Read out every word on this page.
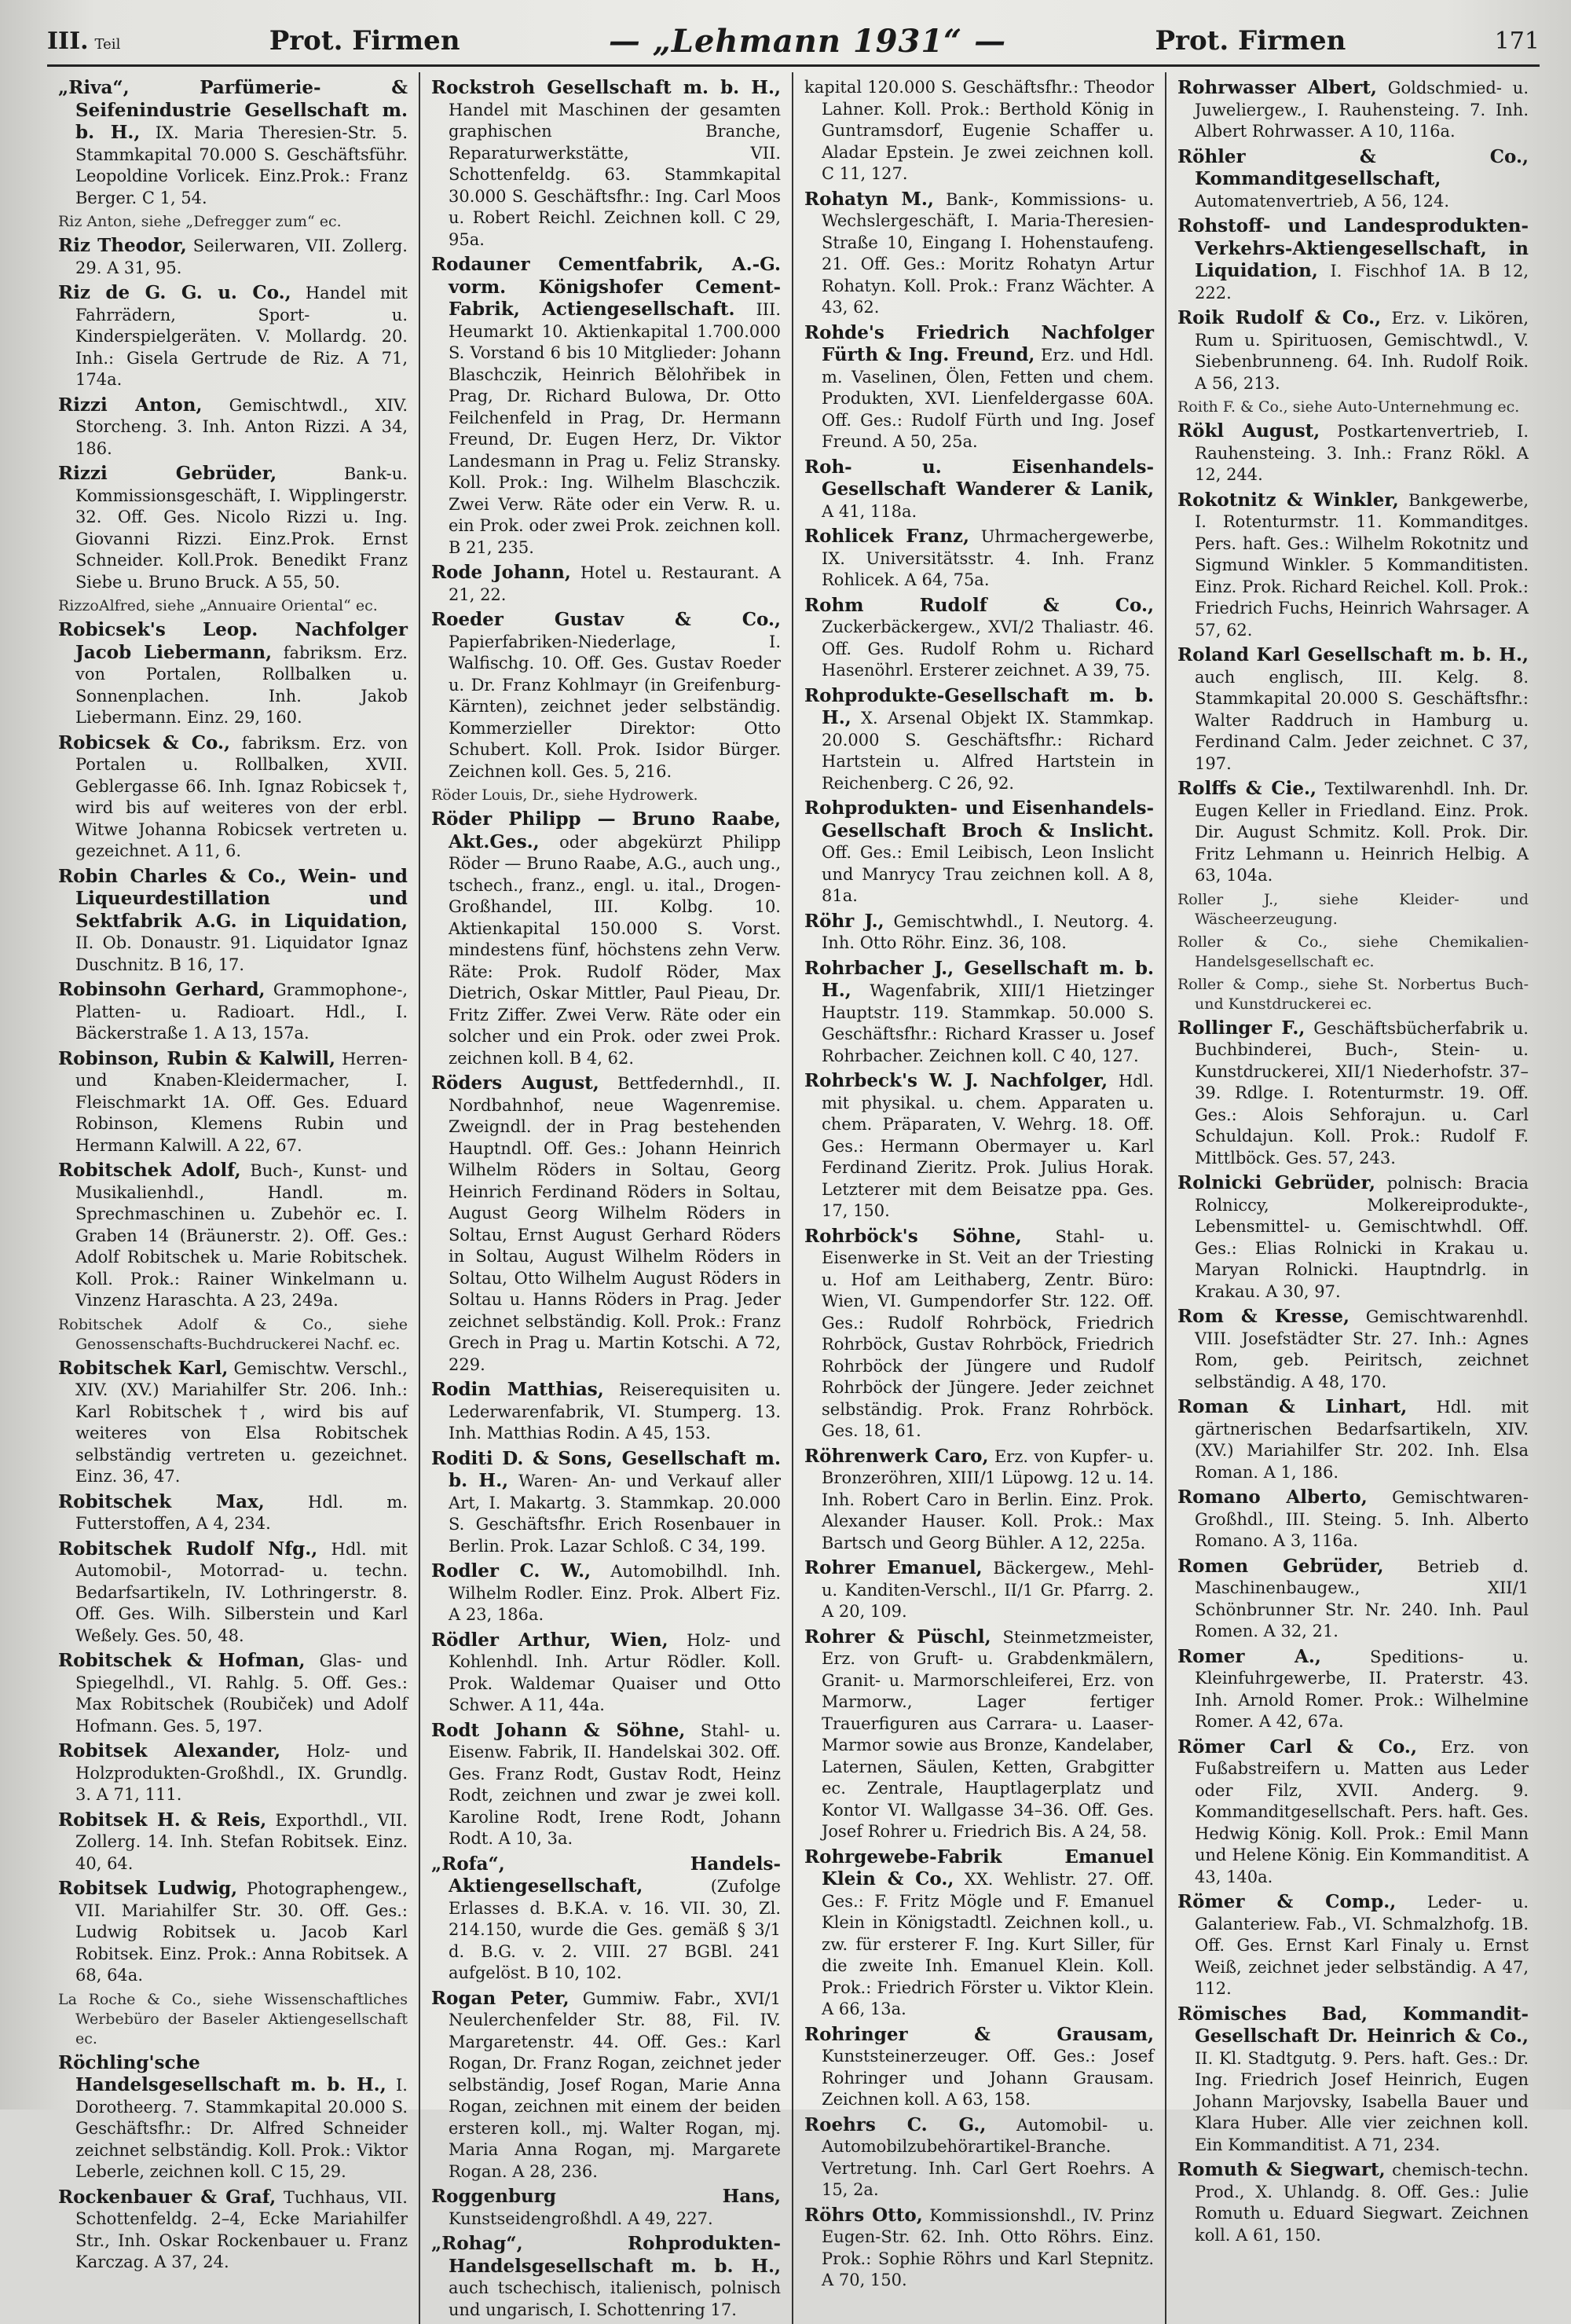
III. Teil	Prot. Firmen	— „Lehmann 1931“ —	Prot. Firmen	171

„Riva“, Parfümerie- & Seifenindustrie Gesellschaft m. b. H., IX. Maria Theresien-Str. 5. Stammkapital 70.000 S. Geschäftsführ. Leopoldine Vorlicek. Einz.Prok.: Franz Berger. C 1, 54.

Riz Anton, siehe „Defregger zum“ ec.

Riz Theodor, Seilerwaren, VII. Zollerg. 29. A 31, 95.

Riz de G. G. u. Co., Handel mit Fahrrädern, Sport- u. Kinderspielgeräten. V. Mollardg. 20. Inh.: Gisela Gertrude de Riz. A 71, 174a.

Rizzi Anton, Gemischtwdl., XIV. Storcheng. 3. Inh. Anton Rizzi. A 34, 186.

Rizzi Gebrüder,	Bank-u. Kommissionsgeschäft, I. Wipplingerstr. 32. Off. Ges. Nicolo Rizzi u. Ing. Giovanni Rizzi. Einz.Prok. Ernst Schneider. Koll.Prok. Benedikt Franz Siebe u. Bruno Bruck. A 55, 50.

RizzoAlfred, siehe „Annuaire Oriental“ ec.

Robicsek's Leop. Nachfolger Jacob Liebermann, fabriksm. Erz. von Portalen, Rollbalken u. Sonnenplachen. Inh. Jakob Liebermann. Einz. 29, 160.

Robicsek & Co., fabriksm. Erz. von Portalen u. Rollbalken, XVII. Geblergasse 66. Inh. Ignaz Robicsek †, wird bis auf weiteres von der erbl. Witwe Johanna Robicsek vertreten u. gezeichnet. A 11, 6.

Robin Charles & Co., Wein- und Liqueurdestillation und Sektfabrik A.G. in Liquidation, II. Ob. Donaustr. 91. Liquidator Ignaz Duschnitz. B 16, 17.

Robinsohn Gerhard, Grammophone-, Platten- u. Radioart. Hdl., I. Bäckerstraße 1. A 13, 157a.

Robinson, Rubin & Kalwill, Herren- und Knaben-Kleidermacher, I. Fleischmarkt 1A. Off. Ges. Eduard Robinson, Klemens Rubin und Hermann Kalwill. A 22, 67.

Robitschek Adolf, Buch-, Kunst- und Musikalienhdl., Handl. m. Sprechmaschinen u. Zubehör ec. I. Graben 14 (Bräunerstr. 2). Off. Ges.: Adolf Robitschek u. Marie Robitschek. Koll. Prok.: Rainer Winkelmann u. Vinzenz Haraschta. A 23, 249a.

Robitschek Adolf & Co., siehe Genossenschafts-Buchdruckerei Nachf. ec.

Robitschek Karl, Gemischtw. Verschl., XIV. (XV.) Mariahilfer Str. 206. Inh.: Karl Robitschek †, wird bis auf weiteres von Elsa Robitschek selbständig vertreten u. gezeichnet. Einz. 36, 47.

Robitschek Max,	Hdl. m. Futterstoffen, A 4, 234.

Robitschek Rudolf Nfg., Hdl. mit Automobil-, Motorrad- u. techn. Bedarfsartikeln, IV. Lothringerstr. 8. Off. Ges. Wilh. Silberstein und Karl Weßely. Ges. 50, 48.

Robitschek & Hofman, Glas- und Spiegelhdl., VI. Rahlg. 5. Off. Ges.: Max Robitschek (Roubiček) und Adolf Hofmann. Ges. 5, 197.

Robitsek Alexander, Holz- und Holzprodukten-Großhdl., IX. Grundlg. 3. A 71, 111.

Robitsek H. & Reis, Exporthdl., VII. Zollerg. 14. Inh. Stefan Robitsek. Einz. 40, 64.

Robitsek Ludwig, Photographengew., VII. Mariahilfer Str. 30. Off. Ges.: Ludwig Robitsek u. Jacob Karl Robitsek. Einz. Prok.: Anna Robitsek. A 68, 64a.

La Roche & Co., siehe Wissenschaftliches Werbebüro der Baseler Aktiengesellschaft ec.

Röchling'sche Handelsgesellschaft m. b. H., I. Dorotheerg. 7. Stammkapital 20.000 S. Geschäftsfhr.: Dr. Alfred Schneider zeichnet selbständig. Koll. Prok.: Viktor Leberle, zeichnen koll. C 15, 29.

Rockenbauer & Graf, Tuchhaus, VII. Schottenfeldg. 2–4, Ecke Mariahilfer Str., Inh. Oskar Rockenbauer u. Franz Karczag. A 37, 24.

Rockstroh Gesellschaft m. b. H., Handel mit Maschinen der gesamten graphischen Branche, Reparaturwerkstätte, VII. Schottenfeldg. 63. Stammkapital 30.000 S. Geschäftsfhr.: Ing. Carl Moos u. Robert Reichl. Zeichnen koll. C 29, 95a.

Rodauner Cementfabrik, A.-G. vorm. Königshofer Cement-Fabrik, Actiengesellschaft. III. Heumarkt 10. Aktienkapital 1.700.000 S. Vorstand 6 bis 10 Mitglieder: Johann Blaschczik, Heinrich Bělohřibek in Prag, Dr. Richard Bulowa, Dr. Otto Feilchenfeld in Prag, Dr. Hermann Freund, Dr. Eugen Herz, Dr. Viktor Landesmann in Prag u. Feliz Stransky. Koll. Prok.: Ing. Wilhelm Blaschczik. Zwei Verw. Räte oder ein Verw. R. u. ein Prok. oder zwei Prok. zeichnen koll. B 21, 235.

Rode Johann, Hotel u. Restaurant. A 21, 22.

Roeder Gustav & Co., Papierfabriken-Niederlage, I. Walfischg. 10. Off. Ges. Gustav Roeder u. Dr. Franz Kohlmayr (in Greifenburg-Kärnten), zeichnet jeder selbständig. Kommerzieller Direktor: Otto Schubert. Koll. Prok. Isidor Bürger. Zeichnen koll. Ges. 5, 216.

Röder Louis, Dr., siehe Hydrowerk.

Röder Philipp — Bruno Raabe, Akt.Ges., oder abgekürzt Philipp Röder — Bruno Raabe, A.G., auch ung., tschech., franz., engl. u. ital., Drogen-Großhandel, III. Kolbg. 10. Aktienkapital 150.000 S. Vorst. mindestens fünf, höchstens zehn Verw. Räte: Prok. Rudolf Röder, Max Dietrich, Oskar Mittler, Paul Pieau, Dr. Fritz Ziffer. Zwei Verw. Räte oder ein solcher und ein Prok. oder zwei Prok. zeichnen koll. B 4, 62.

Röders August, Bettfedernhdl., II. Nordbahnhof, neue Wagenremise. Zweigndl. der in Prag bestehenden Hauptndl. Off. Ges.: Johann Heinrich Wilhelm Röders in Soltau, Georg Heinrich Ferdinand Röders in Soltau, August Georg Wilhelm Röders in Soltau, Ernst August Gerhard Röders in Soltau, August Wilhelm Röders in Soltau, Otto Wilhelm August Röders in Soltau u. Hanns Röders in Prag. Jeder zeichnet selbständig. Koll. Prok.: Franz Grech in Prag u. Martin Kotschi. A 72, 229.

Rodin Matthias, Reiserequisiten u. Lederwarenfabrik, VI. Stumperg. 13. Inh. Matthias Rodin. A 45, 153.

Roditi D. & Sons, Gesellschaft m. b. H., Waren- An- und Verkauf aller Art, I. Makartg. 3. Stammkap. 20.000 S. Geschäftsfhr. Erich Rosenbauer in Berlin. Prok. Lazar Schloß. C 34, 199.

Rodler C. W., Automobilhdl. Inh. Wilhelm Rodler. Einz. Prok. Albert Fiz. A 23, 186a.

Rödler Arthur, Wien, Holz- und Kohlenhdl. Inh. Artur Rödler. Koll. Prok. Waldemar Quaiser und Otto Schwer. A 11, 44a.

Rodt Johann & Söhne, Stahl- u. Eisenw. Fabrik, II. Handelskai 302. Off. Ges. Franz Rodt, Gustav Rodt, Heinz Rodt, zeichnen und zwar je zwei koll. Karoline Rodt, Irene Rodt, Johann Rodt. A 10, 3a.

„Rofa“, Handels- Aktiengesellschaft,	(Zufolge Erlasses d. B.K.A. v. 16. VII. 30, Zl. 214.150, wurde die Ges. gemäß § 3/1 d. B.G. v. 2. VIII. 27 BGBl. 241 aufgelöst. B 10, 102.

Rogan Peter, Gummiw. Fabr., XVI/1 Neulerchenfelder Str. 88, Fil. IV. Margaretenstr. 44. Off. Ges.: Karl Rogan, Dr. Franz Rogan, zeichnet jeder selbständig, Josef Rogan, Marie Anna Rogan, zeichnen mit einem der beiden ersteren koll., mj. Walter Rogan, mj. Maria Anna Rogan, mj. Margarete Rogan. A 28, 236.

Roggenburg Hans, Kunstseidengroßhdl. A 49, 227.

„Rohag“, Rohprodukten-Handelsgesellschaft m. b. H., auch tschechisch, italienisch, polnisch und ungarisch, I. Schottenring 17.

kapital 120.000 S. Geschäftsfhr.: Theodor Lahner. Koll. Prok.: Berthold König in Guntramsdorf, Eugenie Schaffer u. Aladar Epstein. Je zwei zeichnen koll. C 11, 127.

Rohatyn M., Bank-, Kommissions- u. Wechslergeschäft, I. Maria-Theresien-Straße 10, Eingang I. Hohenstaufeng. 21. Off. Ges.: Moritz Rohatyn Artur Rohatyn. Koll. Prok.: Franz Wächter. A 43, 62.

Rohde's Friedrich Nachfolger Fürth & Ing. Freund, Erz. und Hdl. m. Vaselinen, Ölen, Fetten und chem. Produkten, XVI. Lienfeldergasse 60A. Off. Ges.: Rudolf Fürth und Ing. Josef Freund. A 50, 25a.

Roh- u. Eisenhandels- Gesellschaft Wanderer & Lanik, A 41, 118a.

Rohlicek Franz, Uhrmachergewerbe, IX. Universitätsstr. 4. Inh. Franz Rohlicek. A 64, 75a.

Rohm Rudolf & Co., Zuckerbäckergew., XVI/2 Thaliastr. 46. Off. Ges. Rudolf Rohm u. Richard Hasenöhrl. Ersterer zeichnet. A 39, 75.

Rohprodukte-Gesellschaft m. b. H., X. Arsenal Objekt IX. Stammkap. 20.000 S. Geschäftsfhr.: Richard Hartstein u. Alfred Hartstein in Reichenberg. C 26, 92.

Rohprodukten- und Eisenhandels-Gesellschaft Broch & Inslicht. Off. Ges.: Emil Leibisch, Leon Inslicht und Manrycy Trau zeichnen koll. A 8, 81a.

Röhr J., Gemischtwhdl., I. Neutorg. 4. Inh. Otto Röhr. Einz. 36, 108.

Rohrbacher J., Gesellschaft m. b. H., Wagenfabrik, XIII/1 Hietzinger Hauptstr. 119. Stammkap. 50.000 S. Geschäftsfhr.: Richard Krasser u. Josef Rohrbacher. Zeichnen koll. C 40, 127.

Rohrbeck's W. J. Nachfolger, Hdl. mit physikal. u. chem. Apparaten u. chem. Präparaten, V. Wehrg. 18. Off. Ges.: Hermann Obermayer u. Karl Ferdinand Zieritz. Prok. Julius Horak. Letzterer mit dem Beisatze ppa. Ges. 17, 150.

Rohrböck's Söhne, Stahl- u. Eisenwerke in St. Veit an der Triesting u. Hof am Leithaberg, Zentr. Büro: Wien, VI. Gumpendorfer Str. 122. Off. Ges.: Rudolf Rohrböck, Friedrich Rohrböck, Gustav Rohrböck, Friedrich Rohrböck der Jüngere und Rudolf Rohrböck der Jüngere. Jeder zeichnet selbständig. Prok. Franz Rohrböck. Ges. 18, 61.

Röhrenwerk Caro, Erz. von Kupfer- u. Bronzeröhren, XIII/1 Lüpowg. 12 u. 14. Inh. Robert Caro in Berlin. Einz. Prok. Alexander Hauser. Koll. Prok.: Max Bartsch und Georg Bühler. A 12, 225a.

Rohrer Emanuel, Bäckergew., Mehl- u. Kanditen-Verschl., II/1 Gr. Pfarrg. 2. A 20, 109.

Rohrer & Püschl, Steinmetzmeister, Erz. von Gruft- u. Grabdenkmälern, Granit- u. Marmorschleiferei, Erz. von Marmorw., Lager fertiger Trauerfiguren aus Carrara- u. Laaser-Marmor sowie aus Bronze, Kandelaber, Laternen, Säulen, Ketten, Grabgitter ec. Zentrale, Hauptlagerplatz und Kontor VI. Wallgasse 34–36. Off. Ges. Josef Rohrer u. Friedrich Bis. A 24, 58.

Rohrgewebe-Fabrik Emanuel Klein & Co., XX. Wehlistr. 27. Off. Ges.: F. Fritz Mögle und F. Emanuel Klein in Königstadtl. Zeichnen koll., u. zw. für ersterer F. Ing. Kurt Siller, für die zweite Inh. Emanuel Klein. Koll. Prok.: Friedrich Förster u. Viktor Klein. A 66, 13a.

Rohringer & Grausam, Kunststeinerzeuger. Off. Ges.: Josef Rohringer und Johann Grausam. Zeichnen koll. A 63, 158.

Roehrs C. G., Automobil- u. Automobilzubehörartikel-Branche. Vertretung. Inh. Carl Gert Roehrs. A 15, 2a.

Röhrs Otto, Kommissionshdl., IV. Prinz Eugen-Str. 62. Inh. Otto Röhrs. Einz. Prok.: Sophie Röhrs und Karl Stepnitz. A 70, 150.

Rohrwasser Albert, Goldschmied- u. Juweliergew., I. Rauhensteing. 7. Inh. Albert Rohrwasser. A 10, 116a.

Röhler & Co., Kommanditgesellschaft, Automatenvertrieb, A 56, 124.

Rohstoff- und Landesprodukten-Verkehrs-Aktiengesellschaft, in Liquidation, I. Fischhof 1A. B 12, 222.

Roik Rudolf & Co., Erz. v. Likören, Rum u. Spirituosen, Gemischtwdl., V. Siebenbrunneng. 64. Inh. Rudolf Roik. A 56, 213.

Roith F. & Co., siehe Auto-Unternehmung ec.

Rökl August, Postkartenvertrieb, I. Rauhensteing. 3. Inh.: Franz Rökl. A 12, 244.

Rokotnitz & Winkler, Bankgewerbe, I. Rotenturmstr. 11. Kommanditges. Pers. haft. Ges.: Wilhelm Rokotnitz und Sigmund Winkler. 5 Kommanditisten. Einz. Prok. Richard Reichel. Koll. Prok.: Friedrich Fuchs, Heinrich Wahrsager. A 57, 62.

Roland Karl Gesellschaft m. b. H., auch englisch, III. Kelg. 8. Stammkapital 20.000 S. Geschäftsfhr.: Walter Raddruch in Hamburg u. Ferdinand Calm. Jeder zeichnet. C 37, 197.

Rolffs & Cie., Textilwarenhdl. Inh. Dr. Eugen Keller in Friedland. Einz. Prok. Dir. August Schmitz. Koll. Prok. Dir. Fritz Lehmann u. Heinrich Helbig. A 63, 104a.

Roller J., siehe Kleider- und Wäscheerzeugung.

Roller & Co., siehe Chemikalien-Handelsgesellschaft ec.

Roller & Comp., siehe St. Norbertus Buch- und Kunstdruckerei ec.

Rollinger F., Geschäftsbücherfabrik u. Buchbinderei, Buch-, Stein- u. Kunstdruckerei, XII/1 Niederhofstr. 37–39. Rdlge. I. Rotenturmstr. 19. Off. Ges.: Alois Sehforajun. u. Carl Schuldajun. Koll. Prok.: Rudolf F. Mittlböck. Ges. 57, 243.

Rolnicki Gebrüder, polnisch: Bracia Rolniccy, Molkereiprodukte-, Lebensmittel- u. Gemischtwhdl. Off. Ges.: Elias Rolnicki in Krakau u. Maryan Rolnicki. Hauptndrlg. in Krakau. A 30, 97.

Rom & Kresse, Gemischtwarenhdl. VIII. Josefstädter Str. 27. Inh.: Agnes Rom, geb. Peiritsch, zeichnet selbständig. A 48, 170.

Roman & Linhart, Hdl. mit gärtnerischen Bedarfsartikeln, XIV. (XV.) Mariahilfer Str. 202. Inh. Elsa Roman. A 1, 186.

Romano Alberto, Gemischtwaren-Großhdl., III. Steing. 5. Inh. Alberto Romano. A 3, 116a.

Romen Gebrüder, Betrieb d. Maschinenbaugew., XII/1 Schönbrunner Str. Nr. 240. Inh. Paul Romen. A 32, 21.

Romer A.,	Speditions- u. Kleinfuhrgewerbe, II. Praterstr. 43. Inh. Arnold Romer. Prok.: Wilhelmine Romer. A 42, 67a.

Römer Carl & Co., Erz. von Fußabstreifern u. Matten aus Leder oder Filz, XVII. Anderg. 9. Kommanditgesellschaft. Pers. haft. Ges. Hedwig König. Koll. Prok.: Emil Mann und Helene König. Ein Kommanditist. A 43, 140a.

Römer & Comp., Leder- u. Galanteriew. Fab., VI. Schmalzhofg. 1B. Off. Ges. Ernst Karl Finaly u. Ernst Weiß, zeichnet jeder selbständig. A 47, 112.

Römisches Bad, Kommandit-Gesellschaft Dr. Heinrich & Co., II. Kl. Stadtgutg. 9. Pers. haft. Ges.: Dr. Ing. Friedrich Josef Heinrich, Eugen Johann Marjovsky, Isabella Bauer und Klara Huber. Alle vier zeichnen koll. Ein Kommanditist. A 71, 234.

Romuth & Siegwart, chemisch-techn. Prod., X. Uhlandg. 8. Off. Ges.: Julie Romuth u. Eduard Siegwart. Zeichnen koll. A 61, 150.
